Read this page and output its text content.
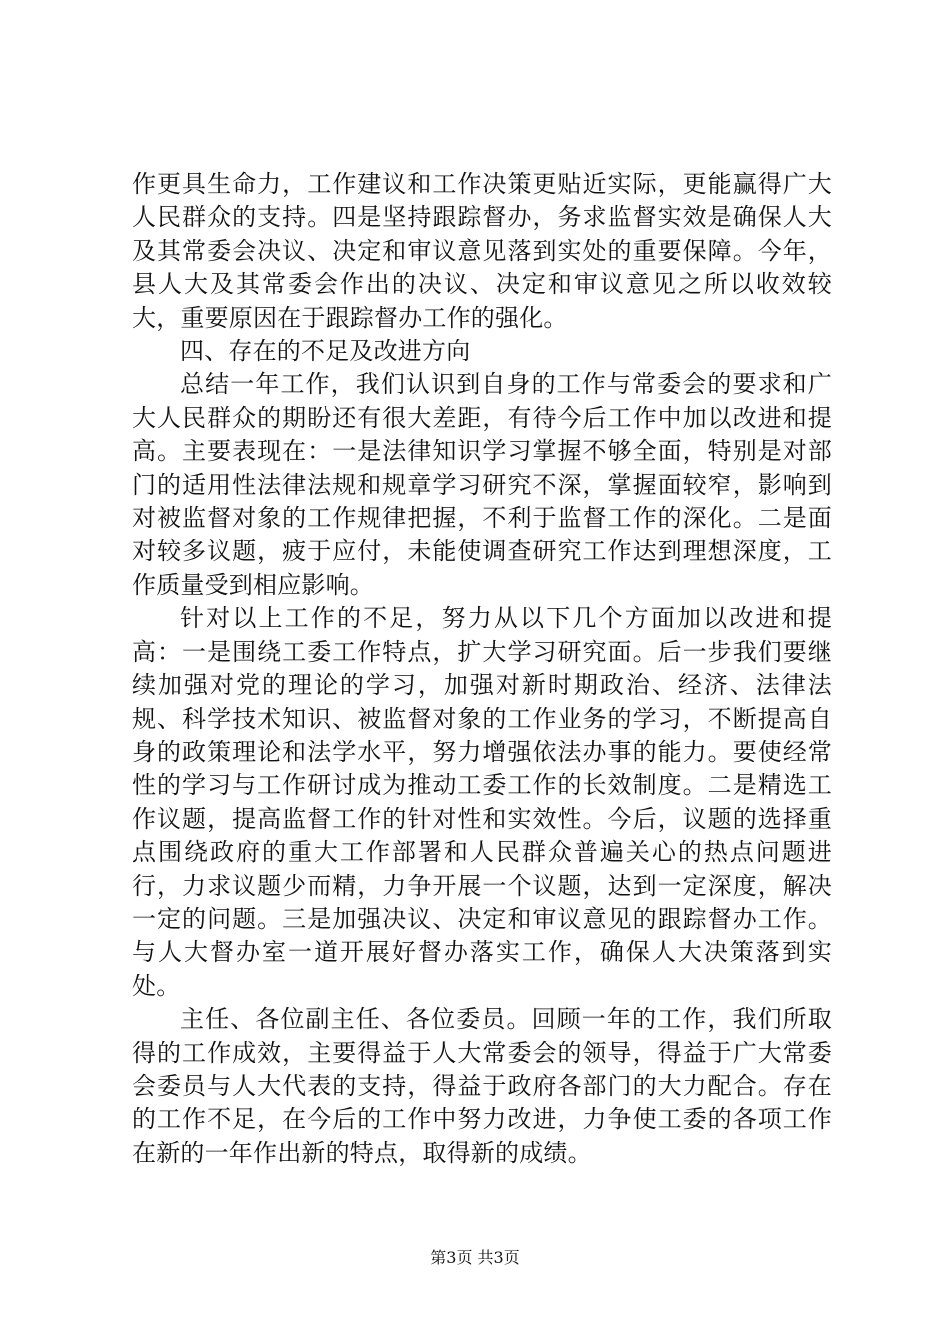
作更具生命力，工作建议和工作决策更贴近实际，更能赢得广大人民群众的支持。四是坚持跟踪督办，务求监督实效是确保人大及其常委会决议、决定和审议意见落到实处的重要保障。今年，县人大及其常委会作出的决议、决定和审议意见之所以收效较大，重要原因在于跟踪督办工作的强化。

四、存在的不足及改进方向

总结一年工作，我们认识到自身的工作与常委会的要求和广大人民群众的期盼还有很大差距，有待今后工作中加以改进和提高。主要表现在：一是法律知识学习掌握不够全面，特别是对部门的适用性法律法规和规章学习研究不深，掌握面较窄，影响到对被监督对象的工作规律把握，不利于监督工作的深化。二是面对较多议题，疲于应付，未能使调查研究工作达到理想深度，工作质量受到相应影响。

针对以上工作的不足，努力从以下几个方面加以改进和提高：一是围绕工委工作特点，扩大学习研究面。后一步我们要继续加强对党的理论的学习，加强对新时期政治、经济、法律法规、科学技术知识、被监督对象的工作业务的学习，不断提高自身的政策理论和法学水平，努力增强依法办事的能力。要使经常性的学习与工作研讨成为推动工委工作的长效制度。二是精选工作议题，提高监督工作的针对性和实效性。今后，议题的选择重点围绕政府的重大工作部署和人民群众普遍关心的热点问题进行，力求议题少而精，力争开展一个议题，达到一定深度，解决一定的问题。三是加强决议、决定和审议意见的跟踪督办工作。与人大督办室一道开展好督办落实工作，确保人大决策落到实处。

主任、各位副主任、各位委员。回顾一年的工作，我们所取得的工作成效，主要得益于人大常委会的领导，得益于广大常委会委员与人大代表的支持，得益于政府各部门的大力配合。存在的工作不足，在今后的工作中努力改进，力争使工委的各项工作在新的一年作出新的特点，取得新的成绩。

第3页 共3页
